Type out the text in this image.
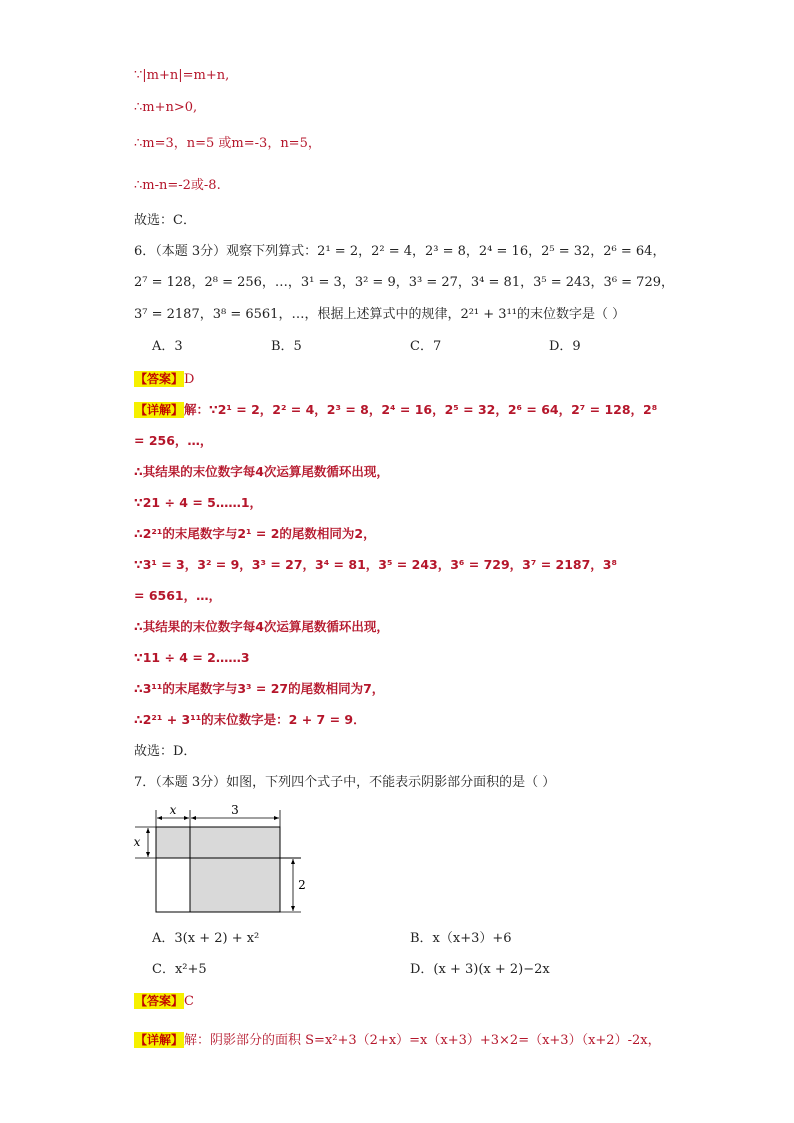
∵|m+n|=m+n,
∴m+n>0,
∴m=3，n=5 或m=-3，n=5，
∴m-n=-2或-8.
故选：C．
6．（本题 3分）观察下列算式：2¹ = 2，2² = 4，2³ = 8，2⁴ = 16，2⁵ = 32，2⁶ = 64，
2⁷ = 128，2⁸ = 256，…，3¹ = 3，3² = 9，3³ = 27，3⁴ = 81，3⁵ = 243，3⁶ = 729，
3⁷ = 2187，3⁸ = 6561，…，根据上述算式中的规律，2²¹ + 3¹¹的末位数字是（ ）
A．3	B．5	C．7	D．9
【答案】D
【详解】解：∵2¹ = 2，2² = 4，2³ = 8，2⁴ = 16，2⁵ = 32，2⁶ = 64，2⁷ = 128，2⁸
= 256，…，
∴其结果的末位数字每4次运算尾数循环出现，
∵21 ÷ 4 = 5……1，
∴2²¹的末尾数字与2¹ = 2的尾数相同为2，
∵3¹ = 3，3² = 9，3³ = 27，3⁴ = 81，3⁵ = 243，3⁶ = 729，3⁷ = 2187，3⁸
= 6561，…，
∴其结果的末位数字每4次运算尾数循环出现，
∵11 ÷ 4 = 2……3
∴3¹¹的末尾数字与3³ = 27的尾数相同为7，
∴2²¹ + 3¹¹的末位数字是：2 + 7 = 9．
故选：D．
7．（本题 3分）如图，下列四个式子中，不能表示阴影部分面积的是（ ）
x	3
x
2
A．3(x + 2) + x²	B．x（x+3）+6
C．x²+5	D．(x + 3)(x + 2)−2x
【答案】C
【详解】解：阴影部分的面积 S=x²+3（2+x）=x（x+3）+3×2=（x+3）（x+2）-2x，
